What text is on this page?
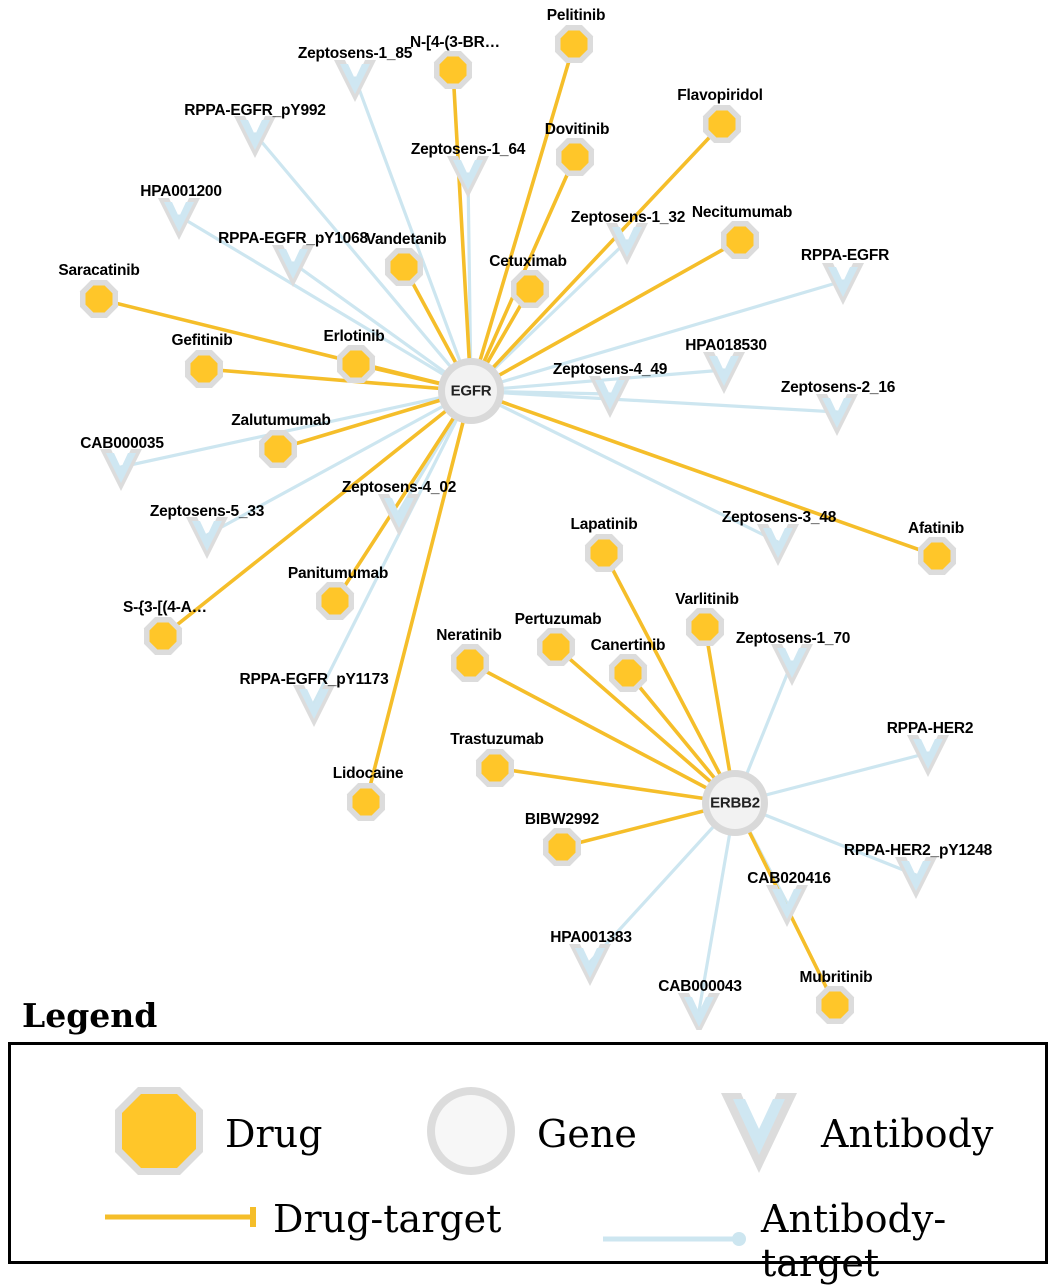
Pelitinib
N-[4-(3-BR…
Flavopiridol
Dovitinib
Necitumumab
Vandetanib
Cetuximab
Saracatinib
Gefitinib	Erlotinib
Zalutumumab
Afatinib
Lapatinib
Varlitinib
Panitumumab
S-{3-[(4-A…
Pertuzumab
Neratinib
Canertinib
Trastuzumab
Lidocaine
BIBW2992
Mubritinib
Zeptosens-1_85
RPPA-EGFR_pY992
Zeptosens-1_64
HPA001200
Zeptosens-1_32
RPPA-EGFR_pY1068
RPPA-EGFR
HPA018530
Zeptosens-4_49
Zeptosens-2_16
CAB000035
Zeptosens-4_02
Zeptosens-5_33	Zeptosens-3_48
Zeptosens-1_70
RPPA-EGFR_pY1173
RPPA-HER2
RPPA-HER2_pY1248
CAB020416
HPA001383
CAB000043
EGFR
ERBB2
Legend
Drug	Gene	Antibody
Drug-target	Antibody-target
